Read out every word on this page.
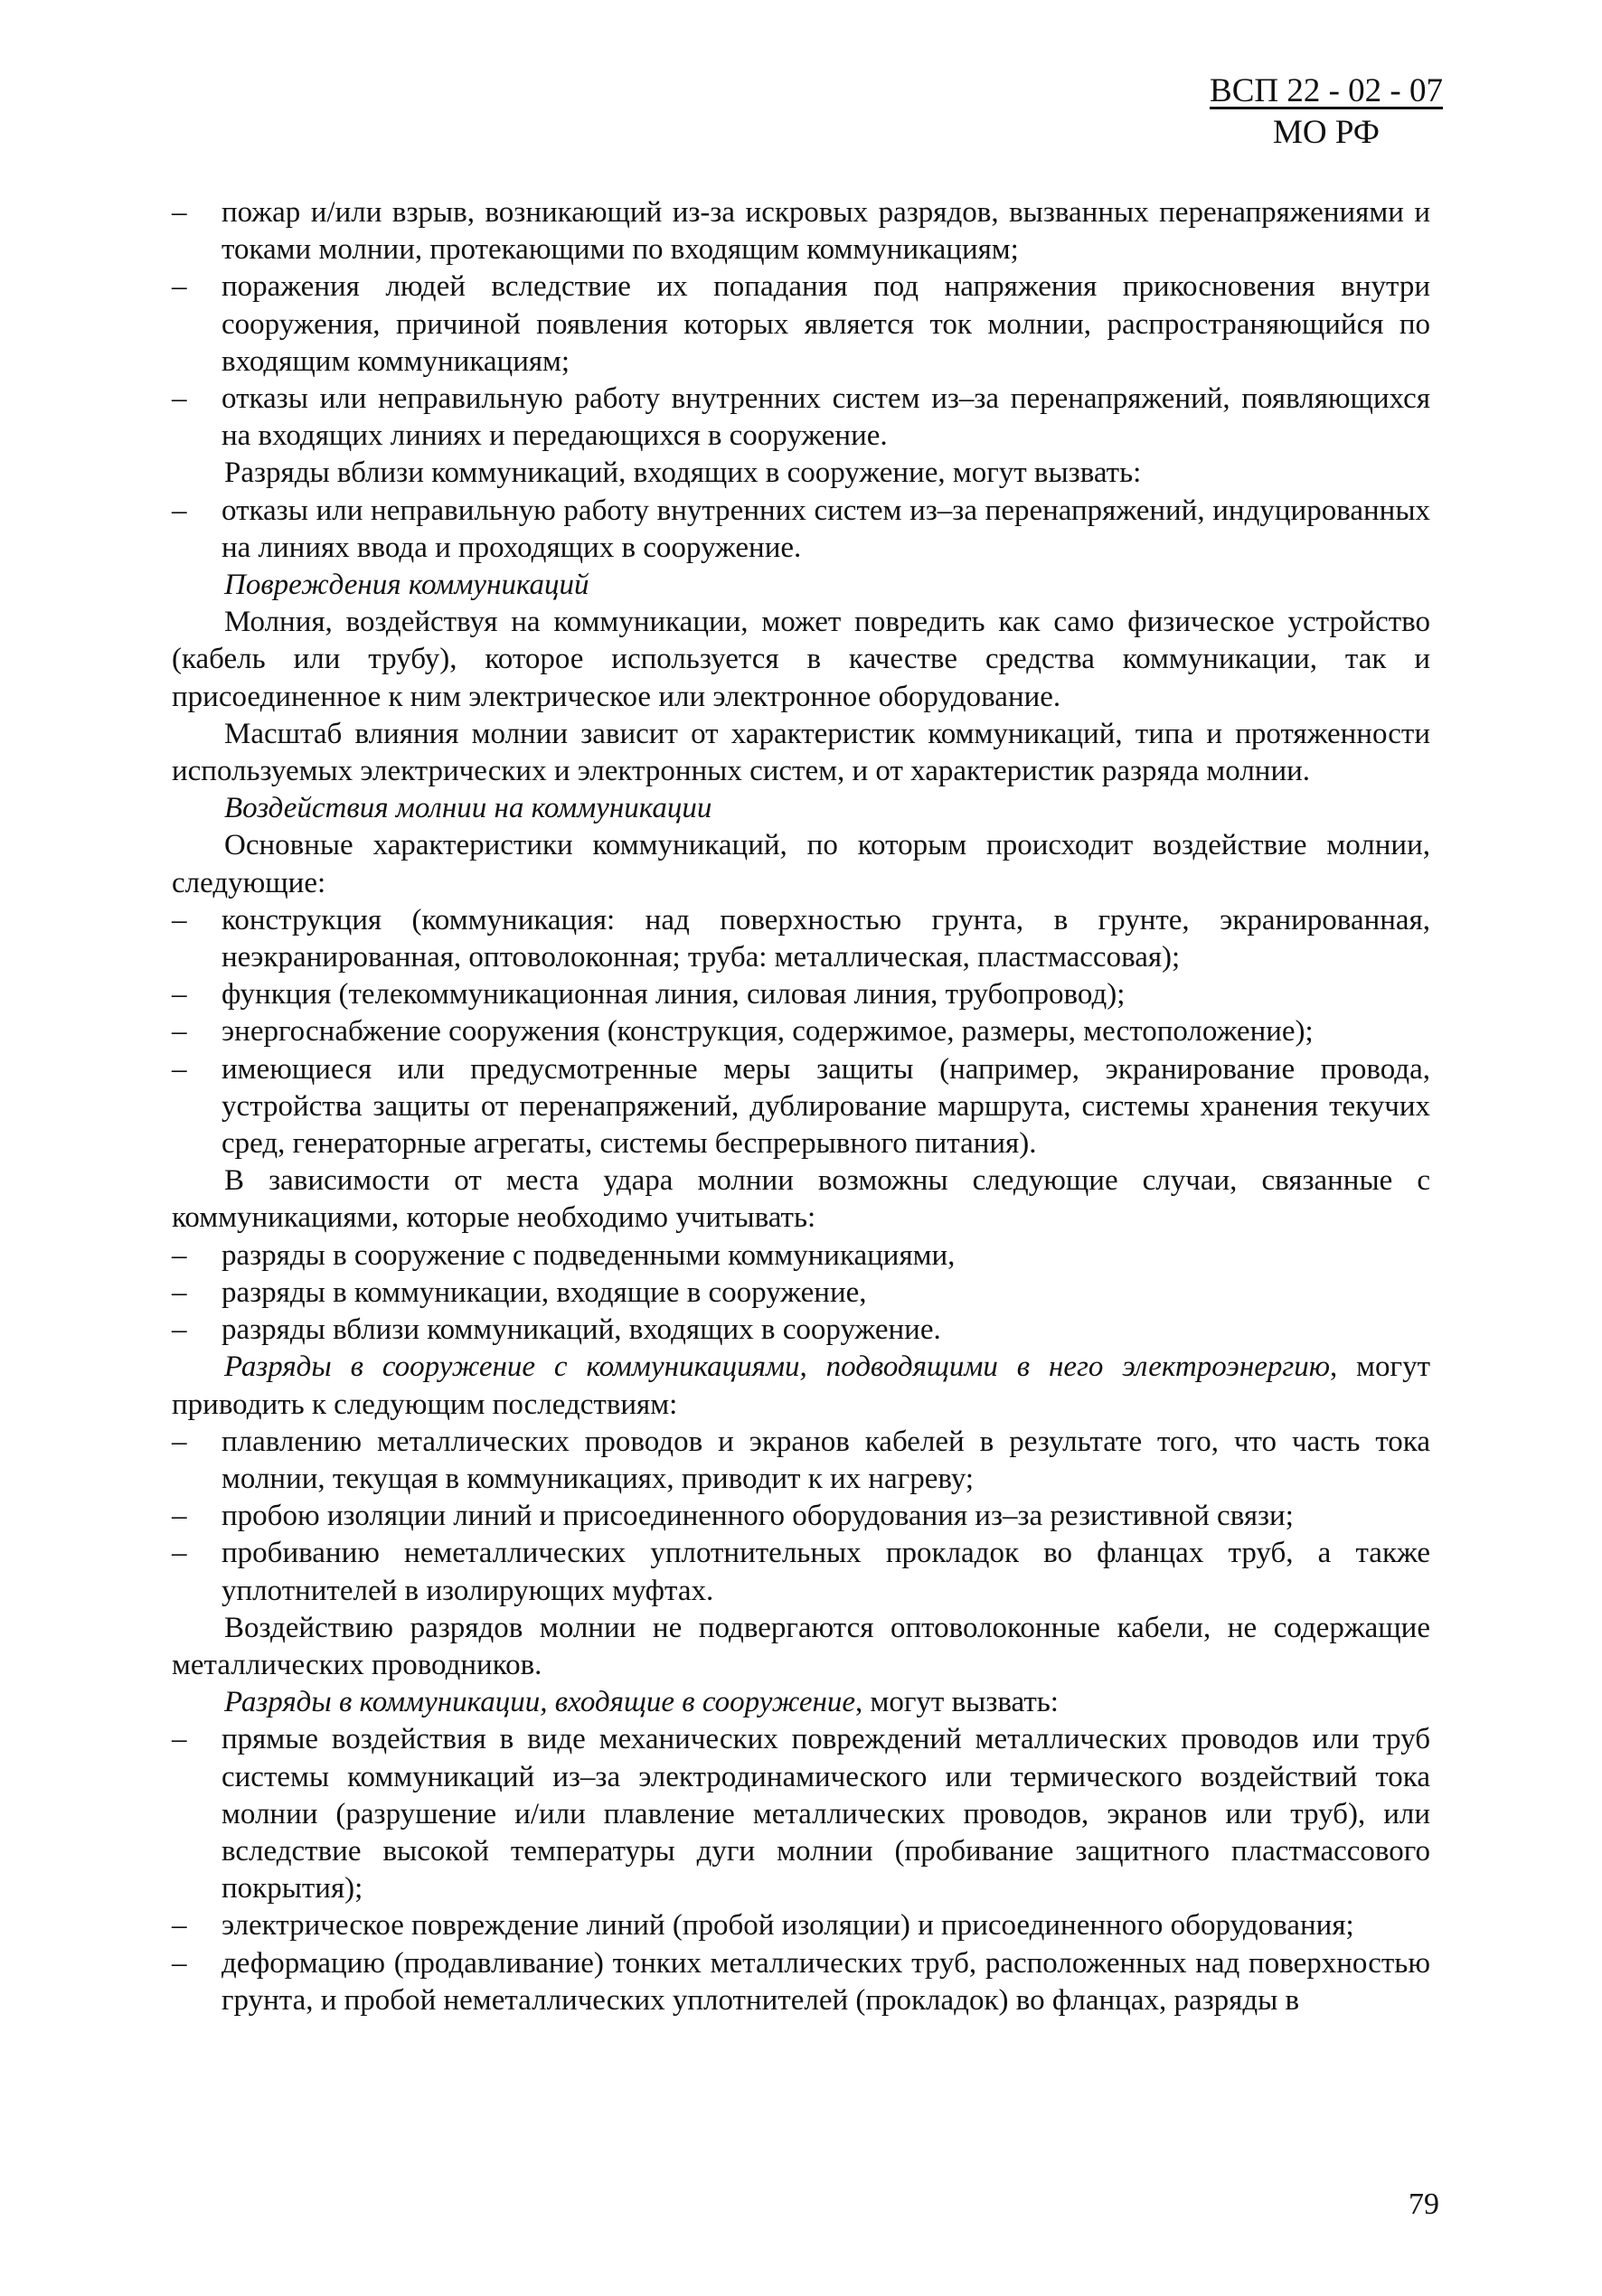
ВСП 22 - 02 - 07
МО РФ

– пожар и/или взрыв, возникающий из-за искровых разрядов, вызванных перенапряжениями и токами молнии, протекающими по входящим коммуникациям;

– поражения людей вследствие их попадания под напряжения прикосновения внутри сооружения, причиной появления которых является ток молнии, распространяющийся по входящим коммуникациям;

– отказы или неправильную работу внутренних систем из–за перенапряжений, появляющихся на входящих линиях и передающихся в сооружение.

Разряды вблизи коммуникаций, входящих в сооружение, могут вызвать:

– отказы или неправильную работу внутренних систем из–за перенапряжений, индуцированных на линиях ввода и проходящих в сооружение.

Повреждения коммуникаций

Молния, воздействуя на коммуникации, может повредить как само физическое устройство (кабель или трубу), которое используется в качестве средства коммуникации, так и присоединенное к ним электрическое или электронное оборудование.

Масштаб влияния молнии зависит от характеристик коммуникаций, типа и протяженности используемых электрических и электронных систем, и от характеристик разряда молнии.

Воздействия молнии на коммуникации

Основные характеристики коммуникаций, по которым происходит воздействие молнии, следующие:

– конструкция (коммуникация: над поверхностью грунта, в грунте, экранированная, неэкранированная, оптоволоконная; труба: металлическая, пластмассовая);

– функция (телекоммуникационная линия, силовая линия, трубопровод);

– энергоснабжение сооружения (конструкция, содержимое, размеры, местоположение);

– имеющиеся или предусмотренные меры защиты (например, экранирование провода, устройства защиты от перенапряжений, дублирование маршрута, системы хранения текучих сред, генераторные агрегаты, системы беспрерывного питания).

В зависимости от места удара молнии возможны следующие случаи, связанные с коммуникациями, которые необходимо учитывать:

– разряды в сооружение с подведенными коммуникациями,

– разряды в коммуникации, входящие в сооружение,

– разряды вблизи коммуникаций, входящих в сооружение.

Разряды в сооружение с коммуникациями, подводящими в него электроэнергию, могут приводить к следующим последствиям:

– плавлению металлических проводов и экранов кабелей в результате того, что часть тока молнии, текущая в коммуникациях, приводит к их нагреву;

– пробою изоляции линий и присоединенного оборудования из–за резистивной связи;

– пробиванию неметаллических уплотнительных прокладок во фланцах труб, а также уплотнителей в изолирующих муфтах.

Воздействию разрядов молнии не подвергаются оптоволоконные кабели, не содержащие металлических проводников.

Разряды в коммуникации, входящие в сооружение, могут вызвать:

– прямые воздействия в виде механических повреждений металлических проводов или труб системы коммуникаций из–за электродинамического или термического воздействий тока молнии (разрушение и/или плавление металлических проводов, экранов или труб), или вследствие высокой температуры дуги молнии (пробивание защитного пластмассового покрытия);

– электрическое повреждение линий (пробой изоляции) и присоединенного оборудования;

– деформацию (продавливание) тонких металлических труб, расположенных над поверхностью грунта, и пробой неметаллических уплотнителей (прокладок) во фланцах, разряды в

79
